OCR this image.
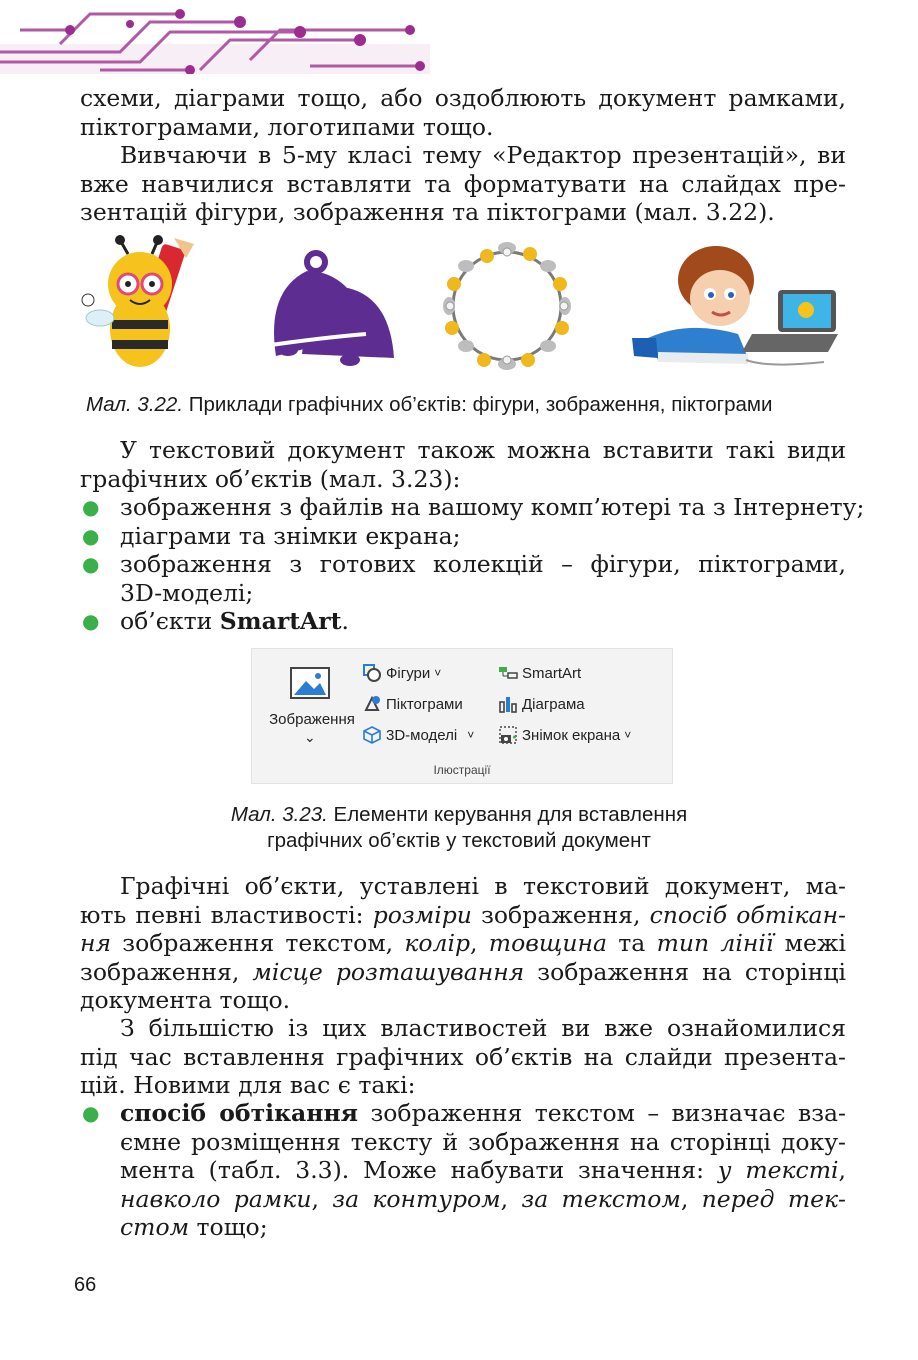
схеми, діаграми тощо, або оздоблюють документ рамками,
піктограмами, логотипами тощо.
Вивчаючи в 5-му класі тему «Редактор презентацій», ви
вже навчилися вставляти та форматувати на слайдах пре-
зентацій фігури, зображення та піктограми (мал. 3.22).
Мал. 3.22. Приклади графічних об’єктів: фігури, зображення, піктограми
У текстовий документ також можна вставити такі види
графічних об’єктів (мал. 3.23):
● зображення з файлів на вашому комп’ютері та з Інтернету;
● діаграми та знімки екрана;
● зображення з готових колекцій – фігури, піктограми,
3D-моделі;
● об’єкти SmartArt.
Зображення
⌄
Фігури ˅
Піктограми
3D-моделі ˅
SmartArt
Діаграма
Знімок екрана ˅
Ілюстрації
Мал. 3.23. Елементи керування для вставлення
графічних об’єктів у текстовий документ
Графічні об’єкти, уставлені в текстовий документ, ма-
ють певні властивості: розміри зображення, спосіб обтікан-
ня зображення текстом, колір, товщина та тип лінії межі
зображення, місце розташування зображення на сторінці
документа тощо.
З більшістю із цих властивостей ви вже ознайомилися
під час вставлення графічних об’єктів на слайди презента-
цій. Новими для вас є такі:
● спосіб обтікання зображення текстом – визначає вза-
ємне розміщення тексту й зображення на сторінці доку-
мента (табл. 3.3). Може набувати значення: у тексті,
навколо рамки, за контуром, за текстом, перед тек-
стом тощо;
66
